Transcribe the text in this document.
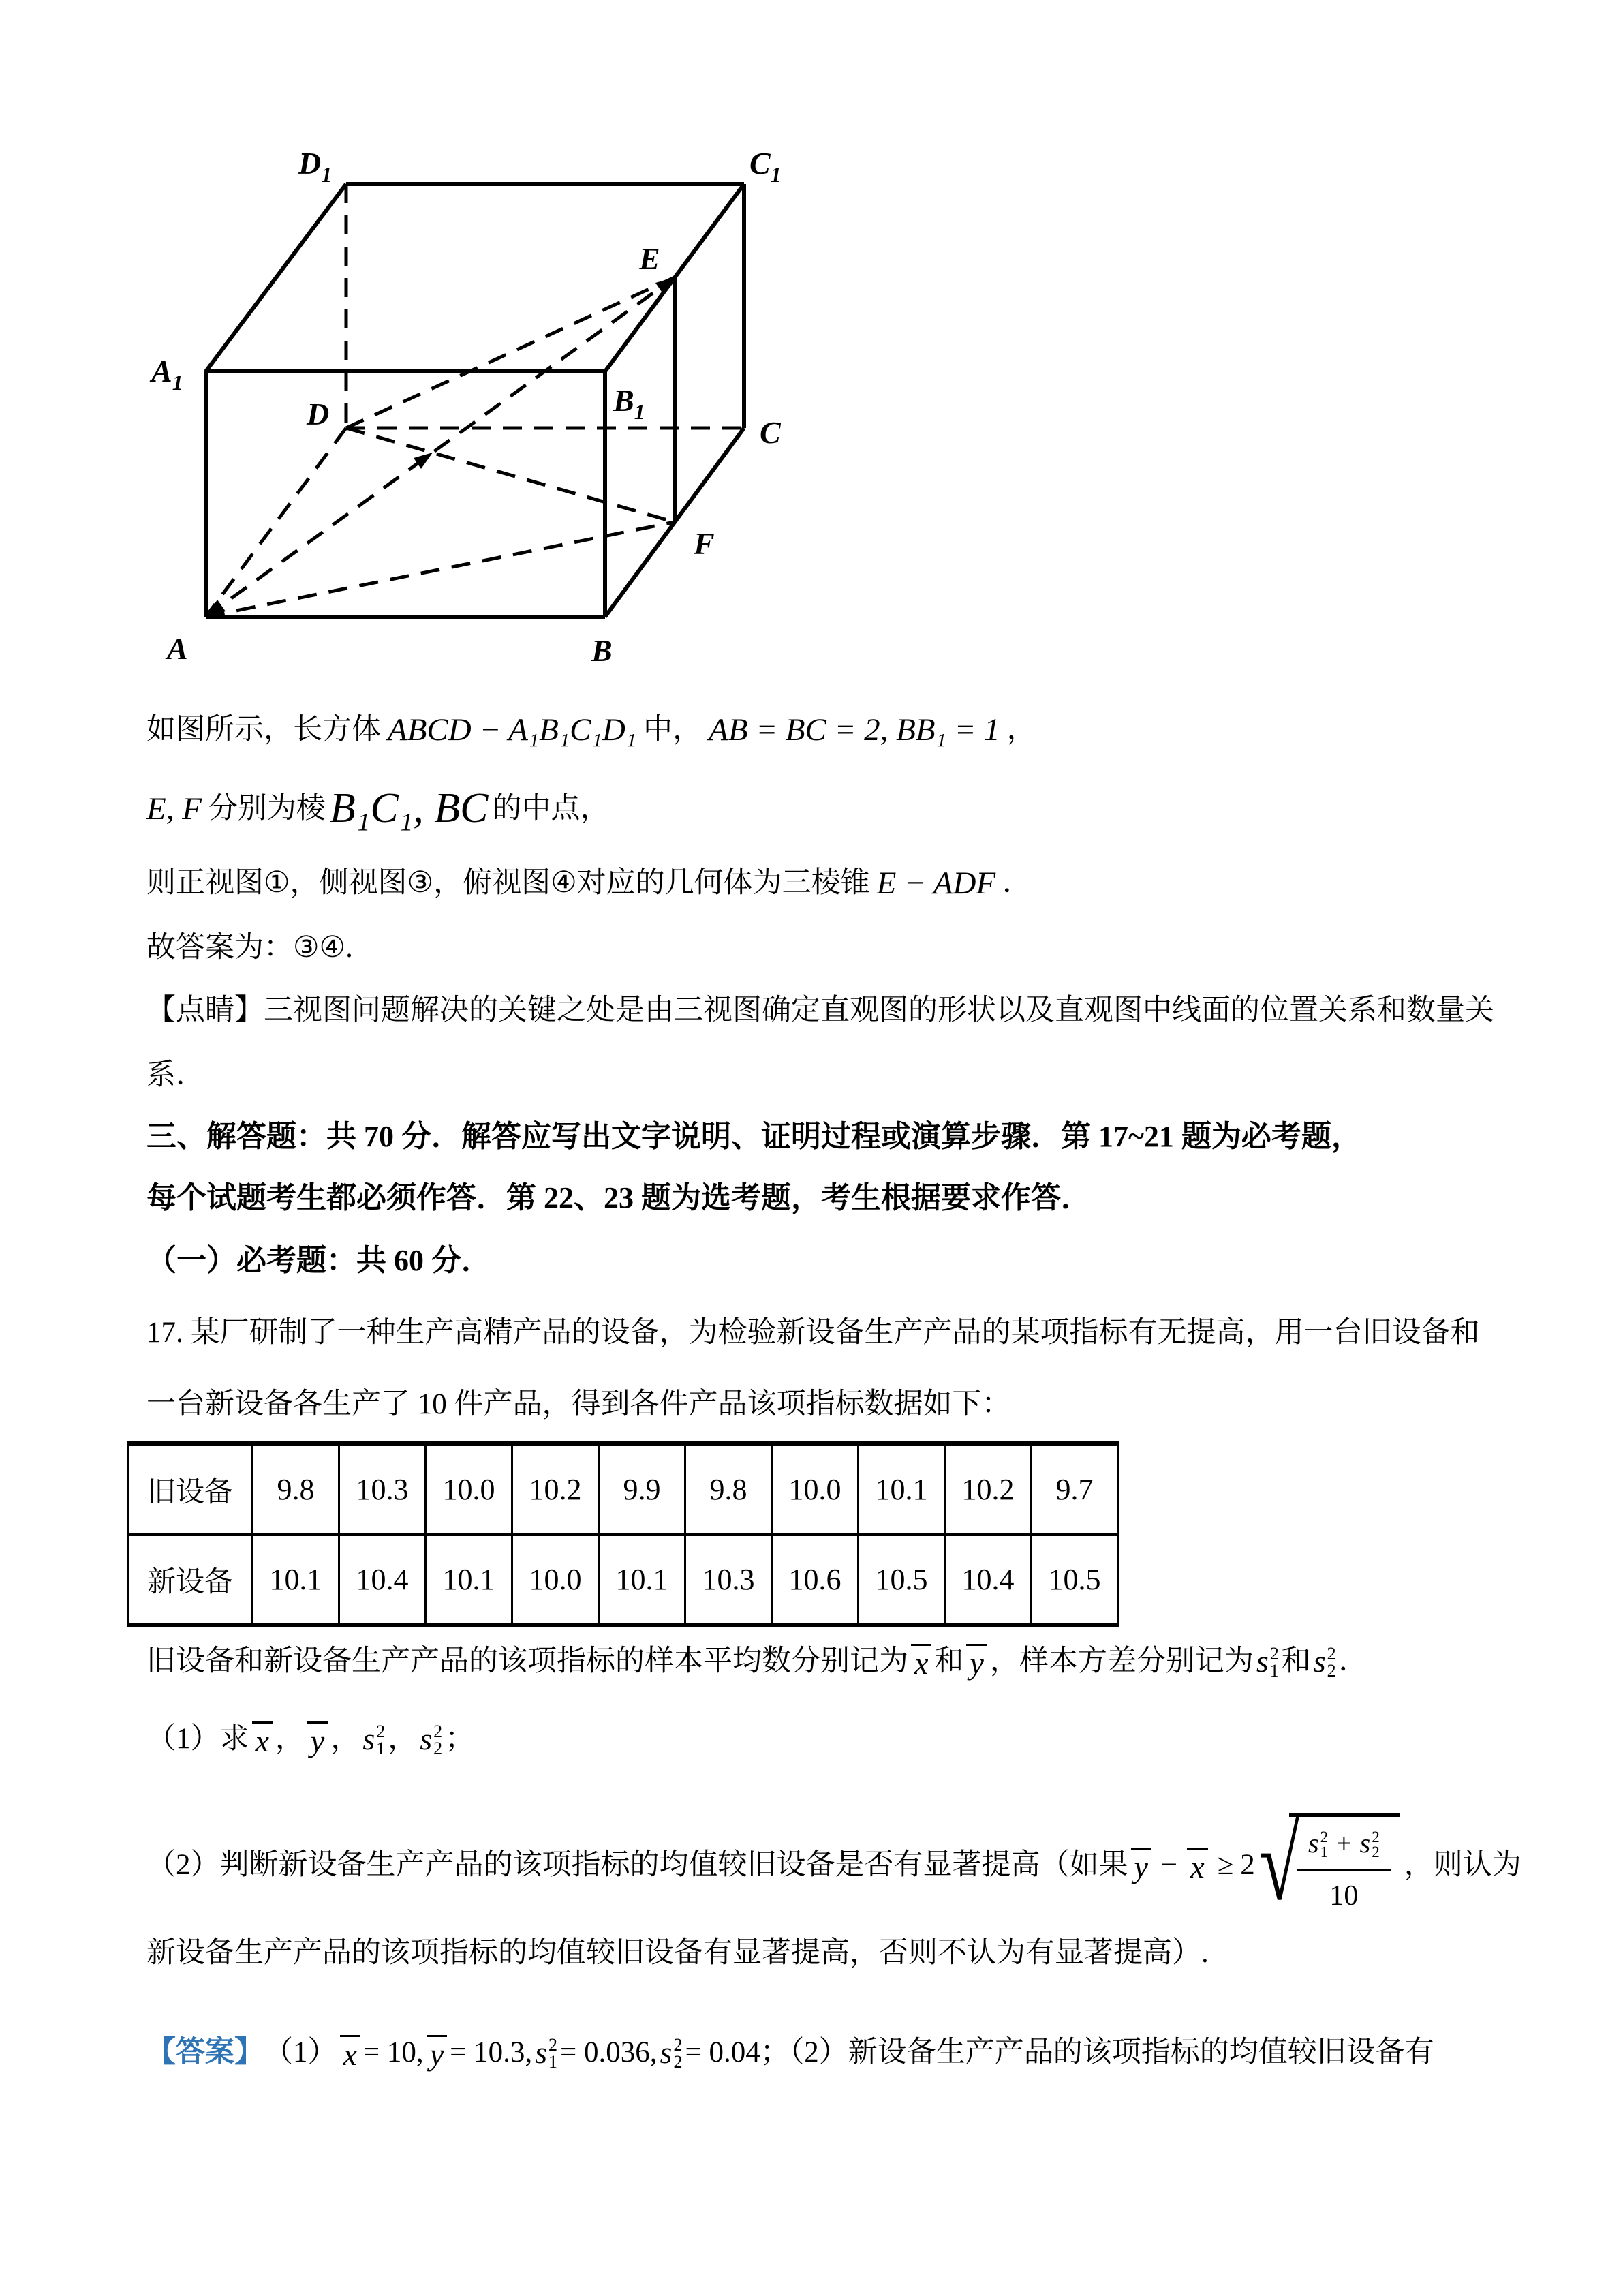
$D_1$	$C_1$
$A_1$
$B_1$
D
C
E
F
A	B
如图所示，长方体 ABCD − A₁B₁C₁D₁ 中， AB = BC = 2, BB₁ = 1 ，
E, F 分别为棱 B₁C₁, BC 的中点，
则正视图①，侧视图③，俯视图④对应的几何体为三棱锥 E − ADF ．
故答案为：③④.
【点睛】三视图问题解决的关键之处是由三视图确定直观图的形状以及直观图中线面的位置关系和数量关
系．
三、解答题：共 70 分．解答应写出文字说明、证明过程或演算步骤．第 17~21 题为必考题，
每个试题考生都必须作答．第 22、23 题为选考题，考生根据要求作答．
（一）必考题：共 60 分．
17. 某厂研制了一种生产高精产品的设备，为检验新设备生产产品的某项指标有无提高，用一台旧设备和
一台新设备各生产了 10 件产品，得到各件产品该项指标数据如下：
旧设备	9.8	10.3	10.0	10.2	9.9	9.8	10.0	10.1	10.2	9.7
新设备	10.1	10.4	10.1	10.0	10.1	10.3	10.6	10.5	10.4	10.5
旧设备和新设备生产产品的该项指标的样本平均数分别记为 x 和 y ，样本方差分别记为 s 2
1 和 s 2
2 ．
（1）求 x ， y ， s 2
1 ， s 2
2 ；
（2）判断新设备生产产品的该项指标的均值较旧设备是否有显著提高（如果 y − x ≥ 2 √
s 2
1 + s 2
2
10 ，则认为
新设备生产产品的该项指标的均值较旧设备有显著提高，否则不认为有显著提高）.
【答案】 （1） x = 10, y = 10.3, s 2
1 = 0.036, s 2
2 = 0.04 ；（2）新设备生产产品的该项指标的均值较旧设备有
